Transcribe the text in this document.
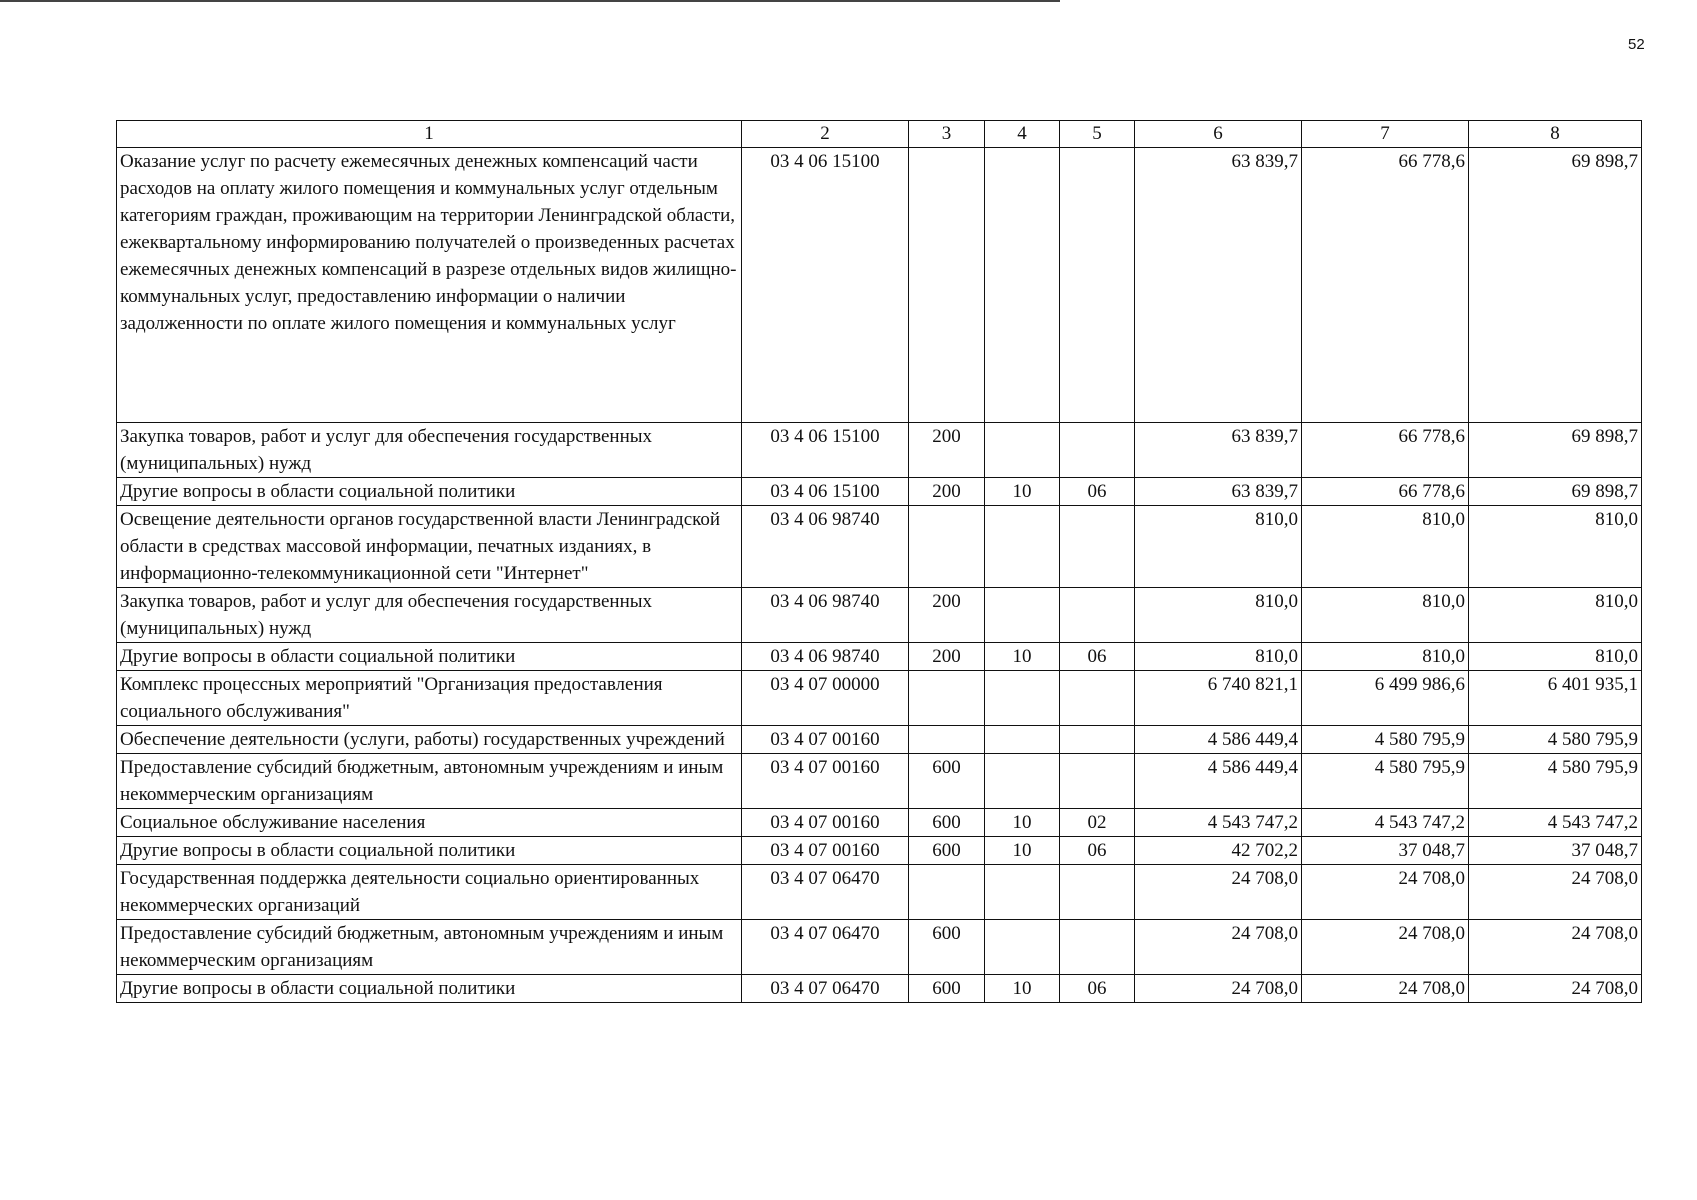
52
1	2	3	4	5	6	7	8
Оказание услуг по расчету ежемесячных денежных компенсаций части расходов на оплату жилого помещения и коммунальных услуг отдельным категориям граждан, проживающим на территории Ленинградской области, ежеквартальному информированию получателей о произведенных расчетах ежемесячных денежных компенсаций в разрезе отдельных видов жилищно-коммунальных услуг, предоставлению информации о наличии задолженности по оплате жилого помещения и коммунальных услуг	03 4 06 15100				63 839,7	66 778,6	69 898,7
Закупка товаров, работ и услуг для обеспечения государственных (муниципальных) нужд	03 4 06 15100	200			63 839,7	66 778,6	69 898,7
Другие вопросы в области социальной политики	03 4 06 15100	200	10	06	63 839,7	66 778,6	69 898,7
Освещение деятельности органов государственной власти Ленинградской области в средствах массовой информации, печатных изданиях, в информационно-телекоммуникационной сети "Интернет"	03 4 06 98740				810,0	810,0	810,0
Закупка товаров, работ и услуг для обеспечения государственных (муниципальных) нужд	03 4 06 98740	200			810,0	810,0	810,0
Другие вопросы в области социальной политики	03 4 06 98740	200	10	06	810,0	810,0	810,0
Комплекс процессных мероприятий "Организация предоставления социального обслуживания"	03 4 07 00000				6 740 821,1	6 499 986,6	6 401 935,1
Обеспечение деятельности (услуги, работы) государственных учреждений	03 4 07 00160				4 586 449,4	4 580 795,9	4 580 795,9
Предоставление субсидий бюджетным, автономным учреждениям и иным некоммерческим организациям	03 4 07 00160	600			4 586 449,4	4 580 795,9	4 580 795,9
Социальное обслуживание населения	03 4 07 00160	600	10	02	4 543 747,2	4 543 747,2	4 543 747,2
Другие вопросы в области социальной политики	03 4 07 00160	600	10	06	42 702,2	37 048,7	37 048,7
Государственная поддержка деятельности социально ориентированных некоммерческих организаций	03 4 07 06470				24 708,0	24 708,0	24 708,0
Предоставление субсидий бюджетным, автономным учреждениям и иным некоммерческим организациям	03 4 07 06470	600			24 708,0	24 708,0	24 708,0
Другие вопросы в области социальной политики	03 4 07 06470	600	10	06	24 708,0	24 708,0	24 708,0
